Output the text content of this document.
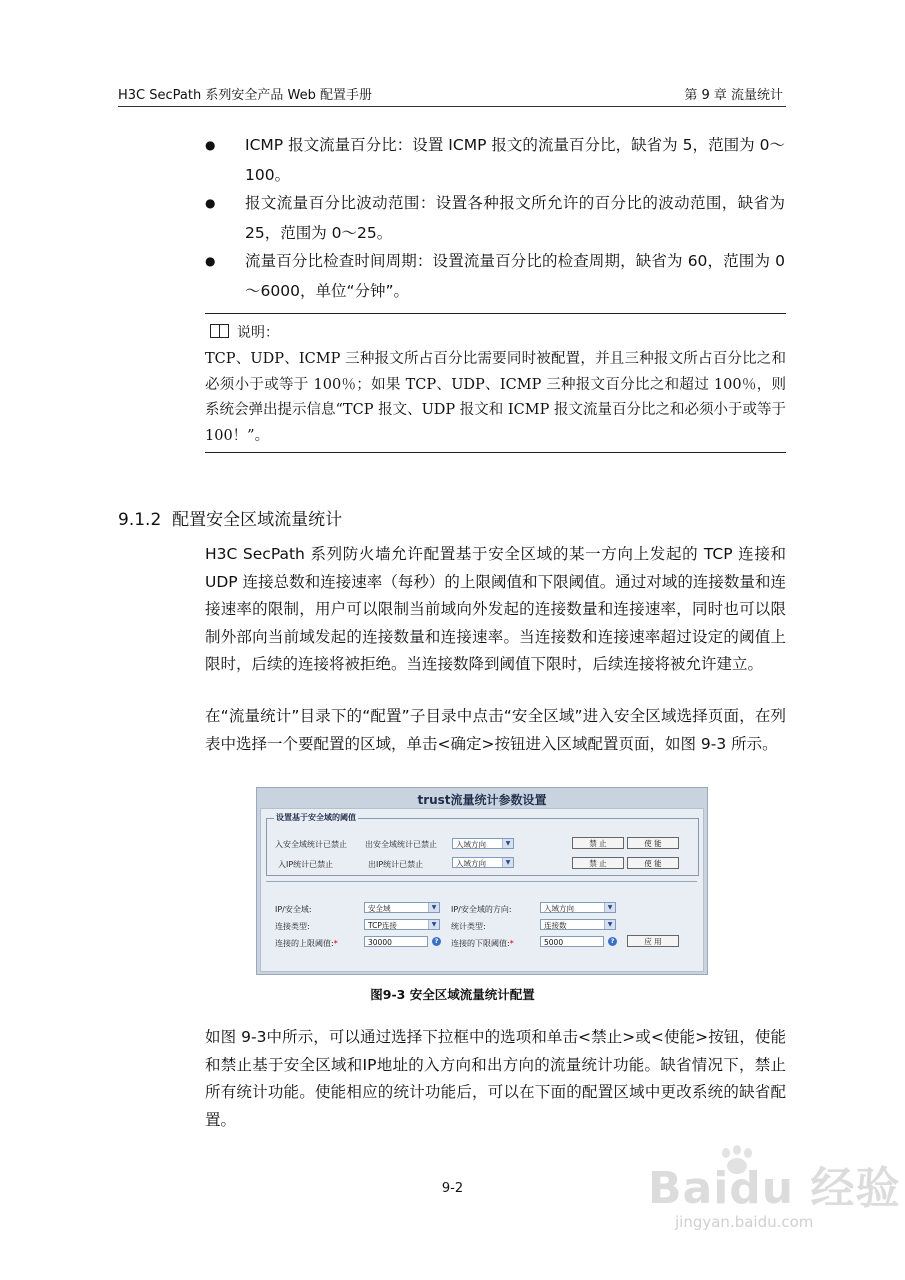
H3C SecPath 系列安全产品 Web 配置手册	第 9 章 流量统计
● ICMP 报文流量百分比：设置 ICMP 报文的流量百分比，缺省为 5，范围为 0～100。
● 报文流量百分比波动范围：设置各种报文所允许的百分比的波动范围，缺省为 25，范围为 0～25。
● 流量百分比检查时间周期：设置流量百分比的检查周期，缺省为 60，范围为 0～6000，单位“分钟”。
说明：
TCP、UDP、ICMP 三种报文所占百分比需要同时被配置，并且三种报文所占百分比之和必须小于或等于 100％；如果 TCP、UDP、ICMP 三种报文百分比之和超过 100％，则系统会弹出提示信息“TCP 报文、UDP 报文和 ICMP 报文流量百分比之和必须小于或等于 100！”。
9.1.2 配置安全区域流量统计
H3C SecPath 系列防火墙允许配置基于安全区域的某一方向上发起的 TCP 连接和 UDP 连接总数和连接速率（每秒）的上限阈值和下限阈值。通过对域的连接数量和连接速率的限制，用户可以限制当前域向外发起的连接数量和连接速率，同时也可以限制外部向当前域发起的连接数量和连接速率。当连接数和连接速率超过设定的阈值上限时，后续的连接将被拒绝。当连接数降到阈值下限时，后续连接将被允许建立。
在“流量统计”目录下的“配置”子目录中点击“安全区域”进入安全区域选择页面，在列表中选择一个要配置的区域，单击<确定>按钮进入区域配置页面，如图 9-3 所示。
trust流量统计参数设置
设置基于安全域的阈值
入安全域统计已禁止 出安全域统计已禁止	入域方向	▼	禁 止	使 能
入IP统计已禁止	出IP统计已禁止	入域方向	▼	禁 止	使 能
IP/安全域:	安全域	▼	IP/安全域的方向:	入域方向	▼
连接类型:	TCP连接	▼	统计类型:	连接数	▼
连接的上限阈值:*	30000	?	连接的下限阈值:*	5000	?	应 用
图9-3 安全区域流量统计配置
如图 9-3中所示，可以通过选择下拉框中的选项和单击<禁止>或<使能>按钮，使能和禁止基于安全区域和IP地址的入方向和出方向的流量统计功能。缺省情况下，禁止所有统计功能。使能相应的统计功能后，可以在下面的配置区域中更改系统的缺省配置。
9-2	Baidu 经验
jingyan.baidu.com
